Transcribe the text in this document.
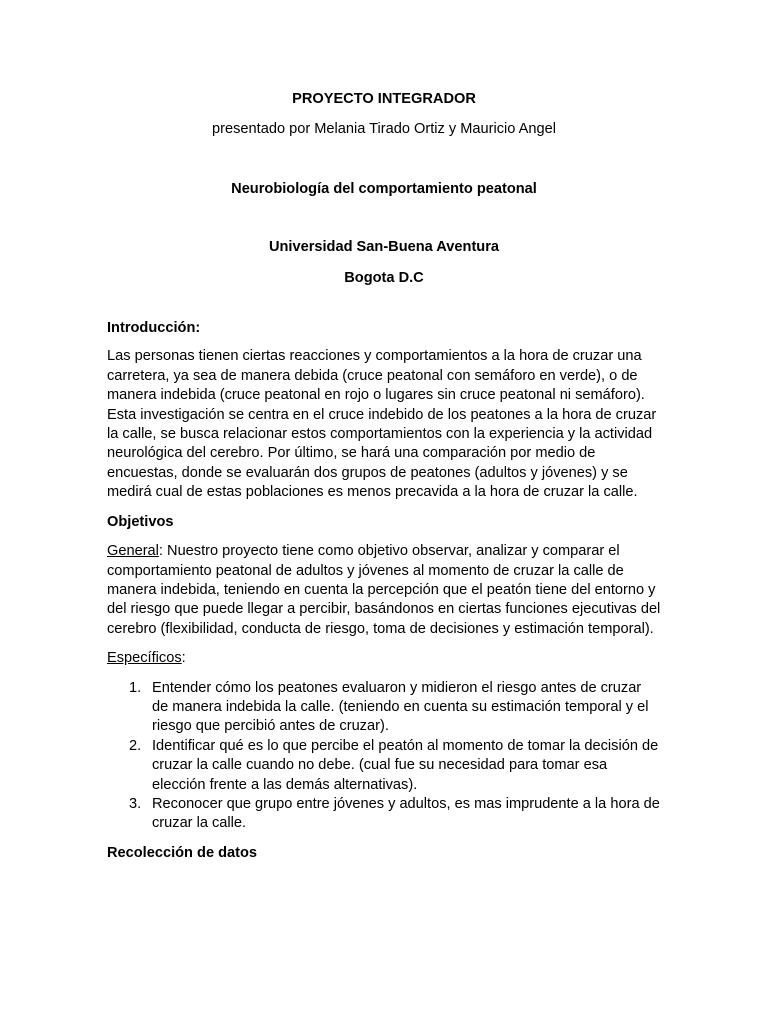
PROYECTO INTEGRADOR

presentado por Melania Tirado Ortiz y Mauricio Angel

Neurobiología del comportamiento peatonal

Universidad San-Buena Aventura

Bogota D.C

Introducción:

Las personas tienen ciertas reacciones y comportamientos a la hora de cruzar una carretera, ya sea de manera debida (cruce peatonal con semáforo en verde), o de manera indebida (cruce peatonal en rojo o lugares sin cruce peatonal ni semáforo). Esta investigación se centra en el cruce indebido de los peatones a la hora de cruzar la calle, se busca relacionar estos comportamientos con la experiencia y la actividad neurológica del cerebro. Por último, se hará una comparación por medio de encuestas, donde se evaluarán dos grupos de peatones (adultos y jóvenes) y se medirá cual de estas poblaciones es menos precavida a la hora de cruzar la calle.

Objetivos

General: Nuestro proyecto tiene como objetivo observar, analizar y comparar el comportamiento peatonal de adultos y jóvenes al momento de cruzar la calle de manera indebida, teniendo en cuenta la percepción que el peatón tiene del entorno y del riesgo que puede llegar a percibir, basándonos en ciertas funciones ejecutivas del cerebro (flexibilidad, conducta de riesgo, toma de decisiones y estimación temporal).

Específicos:

1. Entender cómo los peatones evaluaron y midieron el riesgo antes de cruzar de manera indebida la calle. (teniendo en cuenta su estimación temporal y el riesgo que percibió antes de cruzar).
2. Identificar qué es lo que percibe el peatón al momento de tomar la decisión de cruzar la calle cuando no debe. (cual fue su necesidad para tomar esa elección frente a las demás alternativas).
3. Reconocer que grupo entre jóvenes y adultos, es mas imprudente a la hora de cruzar la calle.

Recolección de datos
